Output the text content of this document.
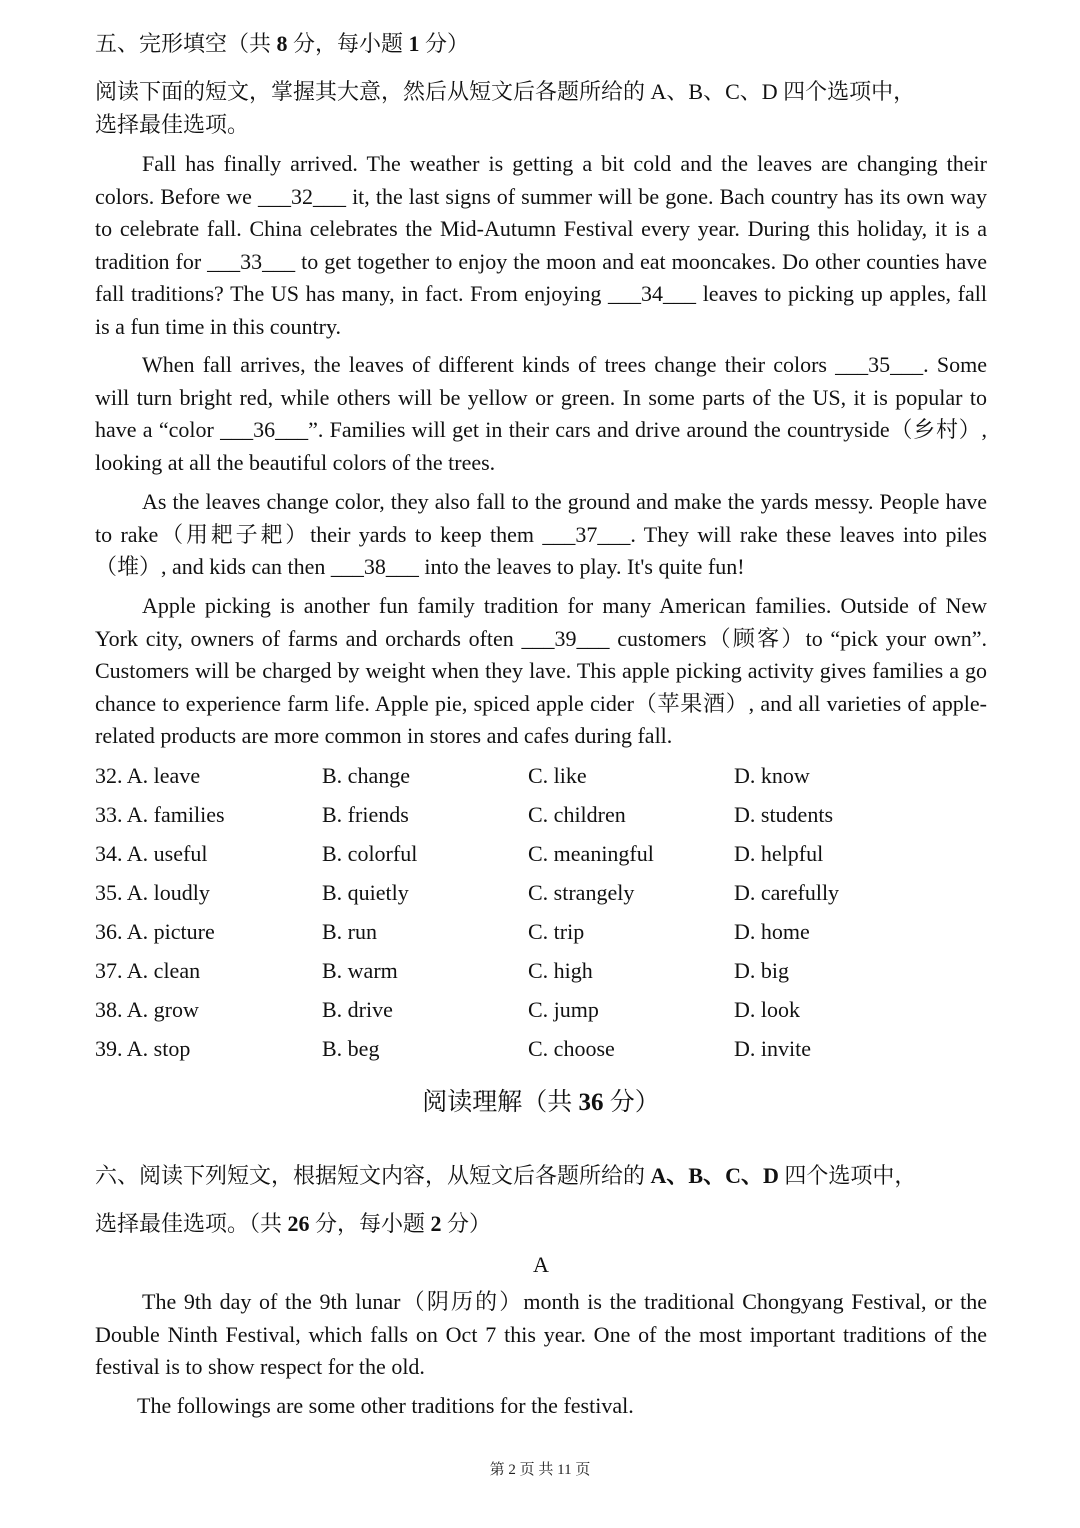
五、完形填空（共 8 分，每小题 1 分）

阅读下面的短文，掌握其大意，然后从短文后各题所给的 A、B、C、D 四个选项中，

选择最佳选项。

Fall has finally arrived. The weather is getting a bit cold and the leaves are changing their colors. Before we ___32___ it, the last signs of summer will be gone. Bach country has its own way to celebrate fall. China celebrates the Mid-Autumn Festival every year. During this holiday, it is a tradition for ___33___ to get together to enjoy the moon and eat mooncakes. Do other counties have fall traditions? The US has many, in fact. From enjoying ___34___ leaves to picking up apples, fall is a fun time in this country.

When fall arrives, the leaves of different kinds of trees change their colors ___35___. Some will turn bright red, while others will be yellow or green. In some parts of the US, it is popular to have a “color ___36___”. Families will get in their cars and drive around the countryside（乡村）, looking at all the beautiful colors of the trees.

As the leaves change color, they also fall to the ground and make the yards messy. People have to rake（用耙子耙）their yards to keep them ___37___. They will rake these leaves into piles（堆）, and kids can then ___38___ into the leaves to play. It's quite fun!

Apple picking is another fun family tradition for many American families. Outside of New York city, owners of farms and orchards often ___39___ customers（顾客）to “pick your own”. Customers will be charged by weight when they lave. This apple picking activity gives families a go chance to experience farm life. Apple pie, spiced apple cider（苹果酒）, and all varieties of apple-related products are more common in stores and cafes during fall.

32. A. leave	B. change	C. like	D. know
33. A. families	B. friends	C. children	D. students
34. A. useful	B. colorful	C. meaningful	D. helpful
35. A. loudly	B. quietly	C. strangely	D. carefully
36. A. picture	B. run	C. trip	D. home
37. A. clean	B. warm	C. high	D. big
38. A. grow	B. drive	C. jump	D. look
39. A. stop	B. beg	C. choose	D. invite
阅读理解（共 36 分）
六、阅读下列短文，根据短文内容，从短文后各题所给的 A、B、C、D 四个选项中，
选择最佳选项。（共 26 分，每小题 2 分）
A

The 9th day of the 9th lunar（阴历的）month is the traditional Chongyang Festival, or the Double Ninth Festival, which falls on Oct 7 this year. One of the most important traditions of the festival is to show respect for the old.

The followings are some other traditions for the festival.

第 2 页 共 11 页
